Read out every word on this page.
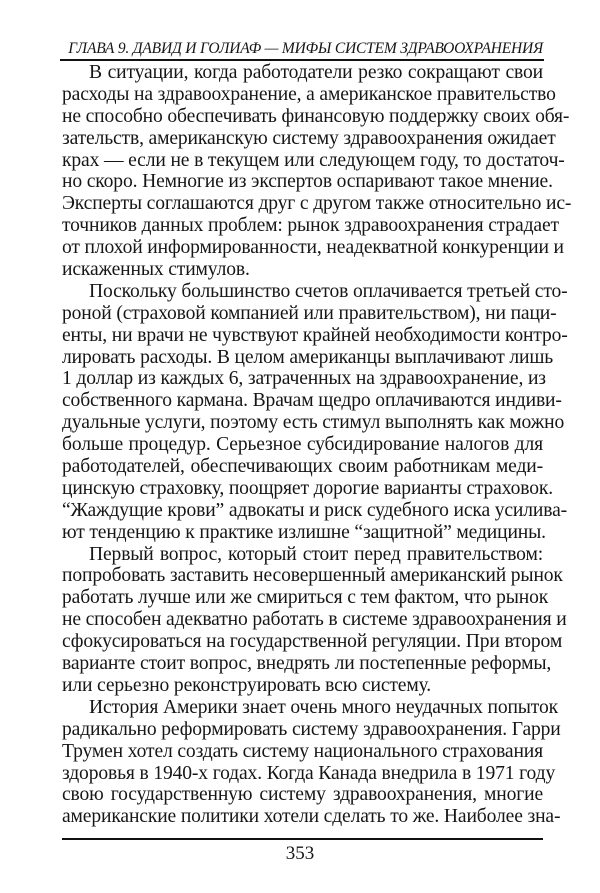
ГЛАВА 9. ДАВИД И ГОЛИАФ — МИФЫ СИСТЕМ ЗДРАВООХРАНЕНИЯ
В ситуации, когда работодатели резко сокращают свои
расходы на здравоохранение, а американское правительство
не способно обеспечивать финансовую поддержку своих обя-
зательств, американскую систему здравоохранения ожидает
крах — если не в текущем или следующем году, то достаточ-
но скоро. Немногие из экспертов оспаривают такое мнение.
Эксперты соглашаются друг с другом также относительно ис-
точников данных проблем: рынок здравоохранения страдает
от плохой информированности, неадекватной конкуренции и
искаженных стимулов.
Поскольку большинство счетов оплачивается третьей сто-
роной (страховой компанией или правительством), ни паци-
енты, ни врачи не чувствуют крайней необходимости контро-
лировать расходы. В целом американцы выплачивают лишь
1 доллар из каждых 6, затраченных на здравоохранение, из
собственного кармана. Врачам щедро оплачиваются индиви-
дуальные услуги, поэтому есть стимул выполнять как можно
больше процедур. Серьезное субсидирование налогов для
работодателей, обеспечивающих своим работникам меди-
цинскую страховку, поощряет дорогие варианты страховок.
“Жаждущие крови” адвокаты и риск судебного иска усилива-
ют тенденцию к практике излишне “защитной” медицины.
Первый вопрос, который стоит перед правительством:
попробовать заставить несовершенный американский рынок
работать лучше или же смириться с тем фактом, что рынок
не способен адекватно работать в системе здравоохранения и
сфокусироваться на государственной регуляции. При втором
варианте стоит вопрос, внедрять ли постепенные реформы,
или серьезно реконструировать всю систему.
История Америки знает очень много неудачных попыток
радикально реформировать систему здравоохранения. Гарри
Трумен хотел создать систему национального страхования
здоровья в 1940-х годах. Когда Канада внедрила в 1971 году
свою государственную систему здравоохранения, многие
американские политики хотели сделать то же. Наиболее зна-
353
